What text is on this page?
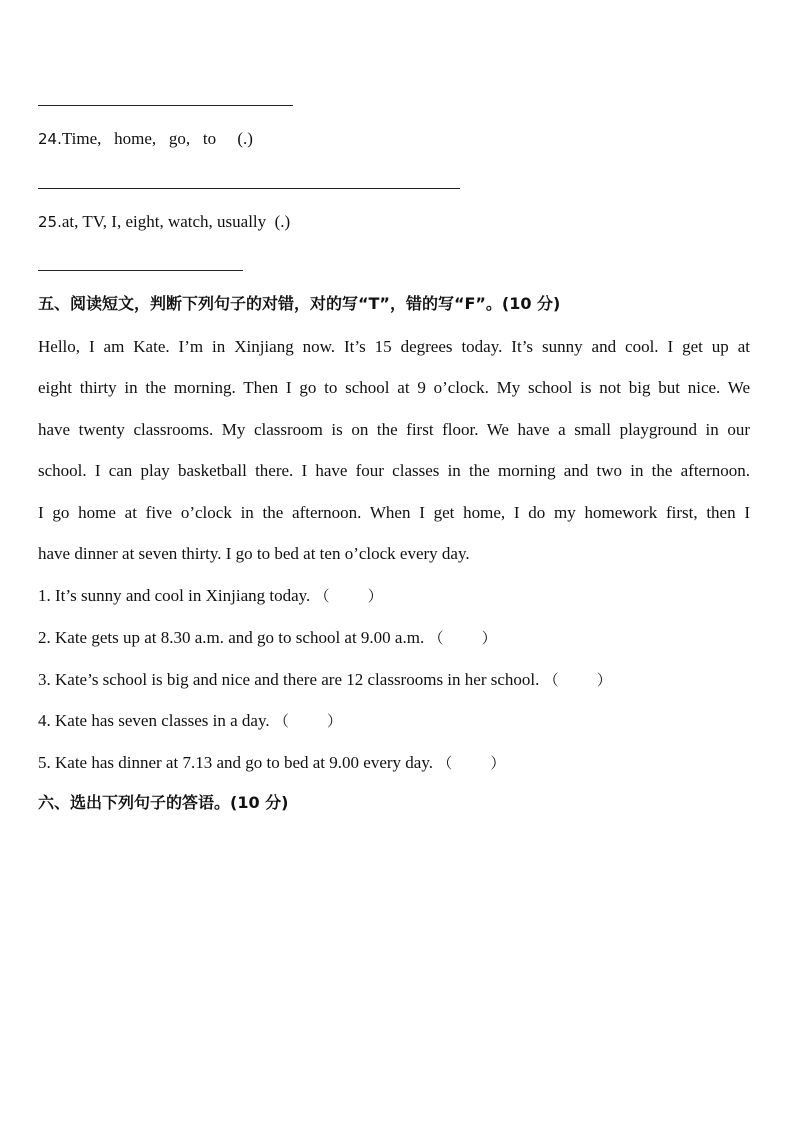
24.Time,   home,   go,   to     (.)
25.at, TV, I, eight, watch, usually  (.)
五、阅读短文，判断下列句子的对错，对的写“T”，错的写“F”。(10 分)
Hello, I am Kate. I’m in Xinjiang now. It’s 15 degrees today. It’s sunny and cool. I get up at
eight thirty in the morning. Then I go to school at 9 o’clock. My school is not big but nice. We
have twenty classrooms. My classroom is on the first floor. We have a small playground in our
school. I can play basketball there. I have four classes in the morning and two in the afternoon.
I go home at five o’clock in the afternoon. When I get home, I do my homework first, then I
have dinner at seven thirty. I go to bed at ten o’clock every day.
1. It’s sunny and cool in Xinjiang today. （        ）
2. Kate gets up at 8.30 a.m. and go to school at 9.00 a.m. （        ）
3. Kate’s school is big and nice and there are 12 classrooms in her school. （        ）
4. Kate has seven classes in a day. （        ）
5. Kate has dinner at 7.13 and go to bed at 9.00 every day. （        ）
六、选出下列句子的答语。(10 分)
